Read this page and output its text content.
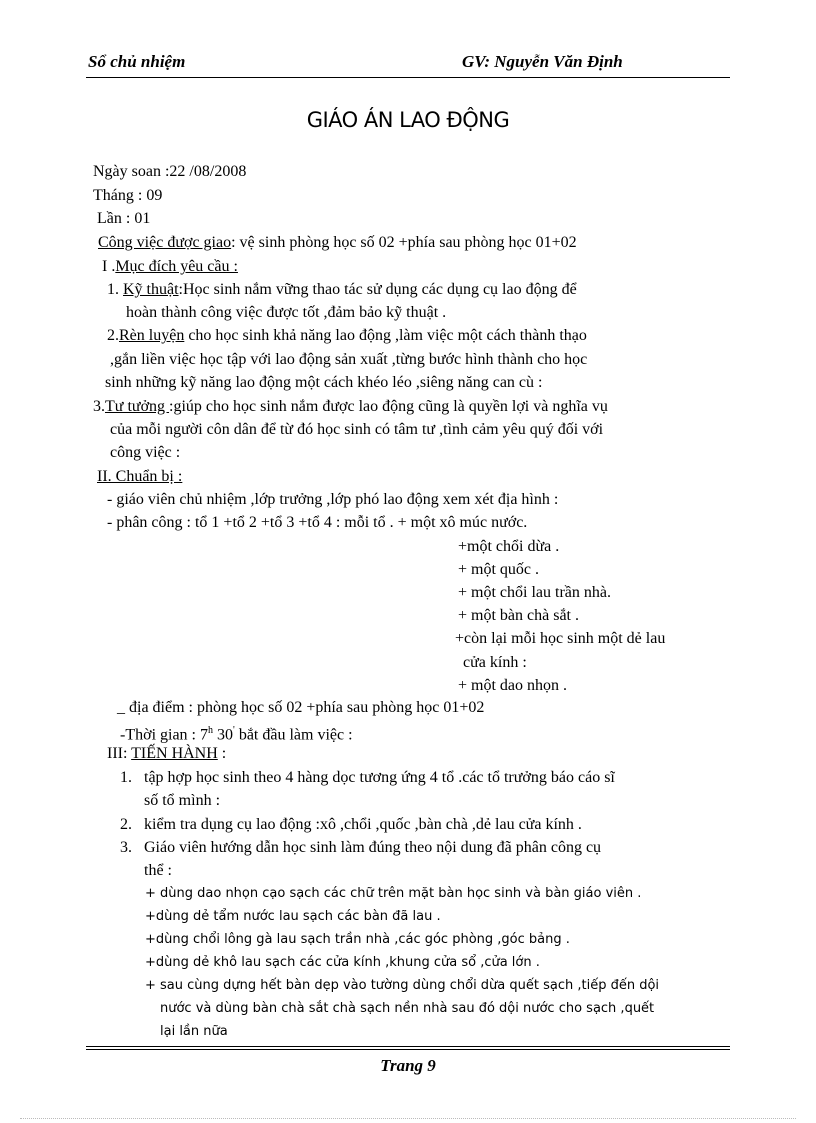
Sổ chủ nhiệm	GV: Nguyễn Văn Định
GIÁO ÁN LAO ĐỘNG
Ngày soan :22 /08/2008
Tháng : 09
Lần : 01
Công việc được giao: vệ sinh phòng học số 02 +phía sau phòng học 01+02
I .Mục đích yêu cầu :
1. Kỹ thuật:Học sinh nắm vững thao tác sử dụng các dụng cụ lao động để
hoàn thành công việc được tốt ,đảm bảo kỹ thuật .
2.Rèn luyện cho học sinh khả năng lao động ,làm việc một cách thành thạo
,gắn liền việc học tập với lao động sản xuất ,từng bước hình thành cho học
sinh những kỹ năng lao động một cách khéo léo ,siêng năng can cù :
3.Tư tưởng :giúp cho học sinh nắm được lao động cũng là quyền lợi và nghĩa vụ
của mỗi người côn dân để từ đó học sinh có tâm tư ,tình cảm yêu quý đối với
công việc :
II. Chuẩn bị :
- giáo viên chủ nhiệm ,lớp trưởng ,lớp phó lao động xem xét địa hình :
- phân công : tổ 1 +tổ 2 +tổ 3 +tổ 4 : mỗi tổ . + một xô múc nước.
+một chổi dừa .
+ một quốc .
+ một chổi lau trần nhà.
+ một bàn chà sắt .
+còn lại mỗi học sinh một dẻ lau
cửa kính :
+ một dao nhọn .
_ địa điểm : phòng học số 02 +phía sau phòng học 01+02
-Thời gian : 7$^h$ 30' bắt đầu làm việc :
III: TIẾN HÀNH :
1. tập hợp học sinh theo 4 hàng dọc tương ứng 4 tổ .các tổ trưởng báo cáo sĩ
số tổ mình :
2. kiểm tra dụng cụ lao động :xô ,chổi ,quốc ,bàn chà ,dẻ lau cửa kính .
3. Giáo viên hướng dẫn học sinh làm đúng theo nội dung đã phân công cụ
thể :
+ dùng dao nhọn cạo sạch các chữ trên mặt bàn học sinh và bàn giáo viên .
+dùng dẻ tẩm nước lau sạch các bàn đã lau .
+dùng chổi lông gà lau sạch trần nhà ,các góc phòng ,góc bảng .
+dùng dẻ khô lau sạch các cửa kính ,khung cửa sổ ,cửa lớn .
+ sau cùng dựng hết bàn dẹp vào tường dùng chổi dừa quết sạch ,tiếp đến dội
nước và dùng bàn chà sắt chà sạch nền nhà sau đó dội nước cho sạch ,quết
lại lần nữa
Trang 9
